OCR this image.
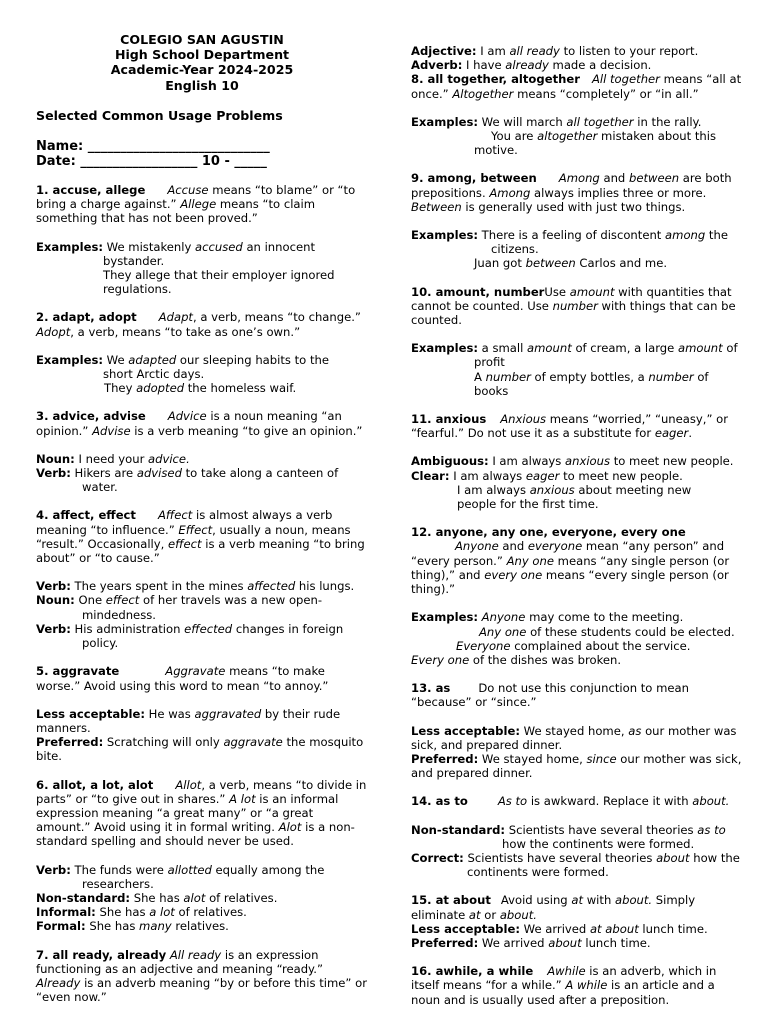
COLEGIO SAN AGUSTIN
High School Department
Academic-Year 2024-2025
English 10
Selected Common Usage Problems
Name: ____________________________
Date: __________________ 10 - _____

1. accuse, allege Accuse means “to blame” or “to bring a charge against.” Allege means “to claim something that has not been proved.”

Examples: We mistakenly accused an innocent

bystander.

They allege that their employer ignored

regulations.

2. adapt, adopt Adapt, a verb, means “to change.” Adopt, a verb, means “to take as one’s own.”

Examples: We adapted our sleeping habits to the

short Arctic days.

They adopted the homeless waif.

3. advice, advise Advice is a noun meaning “an opinion.” Advise is a verb meaning “to give an opinion.”

Noun: I need your advice.

Verb: Hikers are advised to take along a canteen of

water.

4. affect, effect Affect is almost always a verb meaning “to influence.” Effect, usually a noun, means “result.” Occasionally, effect is a verb meaning “to bring about” or “to cause.”

Verb: The years spent in the mines affected his lungs.

Noun: One effect of her travels was a new open-

mindedness.

Verb: His administration effected changes in foreign

policy.

5. aggravate	Aggravate means “to make worse.” Avoid using this word to mean “to annoy.”

Less acceptable: He was aggravated by their rude manners.

Preferred: Scratching will only aggravate the mosquito bite.

6. allot, a lot, alot Allot, a verb, means “to divide in parts” or “to give out in shares.” A lot is an informal expression meaning “a great many” or “a great amount.” Avoid using it in formal writing. Alot is a non-standard spelling and should never be used.

Verb: The funds were allotted equally among the

researchers.

Non-standard: She has alot of relatives.

Informal: She has a lot of relatives.

Formal: She has many relatives.

7. all ready, already All ready is an expression functioning as an adjective and meaning “ready.” Already is an adverb meaning “by or before this time” or “even now.”

Adjective: I am all ready to listen to your report.

Adverb: I have already made a decision.

8. all together, altogether All together means “all at once.” Altogether means “completely” or “in all.”

Examples: We will march all together in the rally.

You are altogether mistaken about this

motive.

9. among, between Among and between are both prepositions. Among always implies three or more. Between is generally used with just two things.

Examples: There is a feeling of discontent among the

citizens.

Juan got between Carlos and me.

10. amount, numberUse amount with quantities that cannot be counted. Use number with things that can be counted.

Examples: a small amount of cream, a large amount of

profit

A number of empty bottles, a number of

books

11. anxious Anxious means “worried,” “uneasy,” or “fearful.” Do not use it as a substitute for eager.

Ambiguous: I am always anxious to meet new people.

Clear: I am always eager to meet new people.

I am always anxious about meeting new

people for the first time.

12. anyone, any one, everyone, every one

Anyone and everyone mean “any person” and “every person.” Any one means “any single person (or thing),” and every one means “every single person (or thing).”

Examples: Anyone may come to the meeting.

Any one of these students could be elected.

Everyone complained about the service.

Every one of the dishes was broken.

13. as Do not use this conjunction to mean “because” or “since.”

Less acceptable: We stayed home, as our mother was sick, and prepared dinner.

Preferred: We stayed home, since our mother was sick, and prepared dinner.

14. as to	As to is awkward. Replace it with about.

Non-standard: Scientists have several theories as to

how the continents were formed.

Correct: Scientists have several theories about how the

continents were formed.

15. at about Avoid using at with about. Simply eliminate at or about.

Less acceptable: We arrived at about lunch time.

Preferred: We arrived about lunch time.

16. awhile, a while Awhile is an adverb, which in itself means “for a while.” A while is an article and a noun and is usually used after a preposition.
